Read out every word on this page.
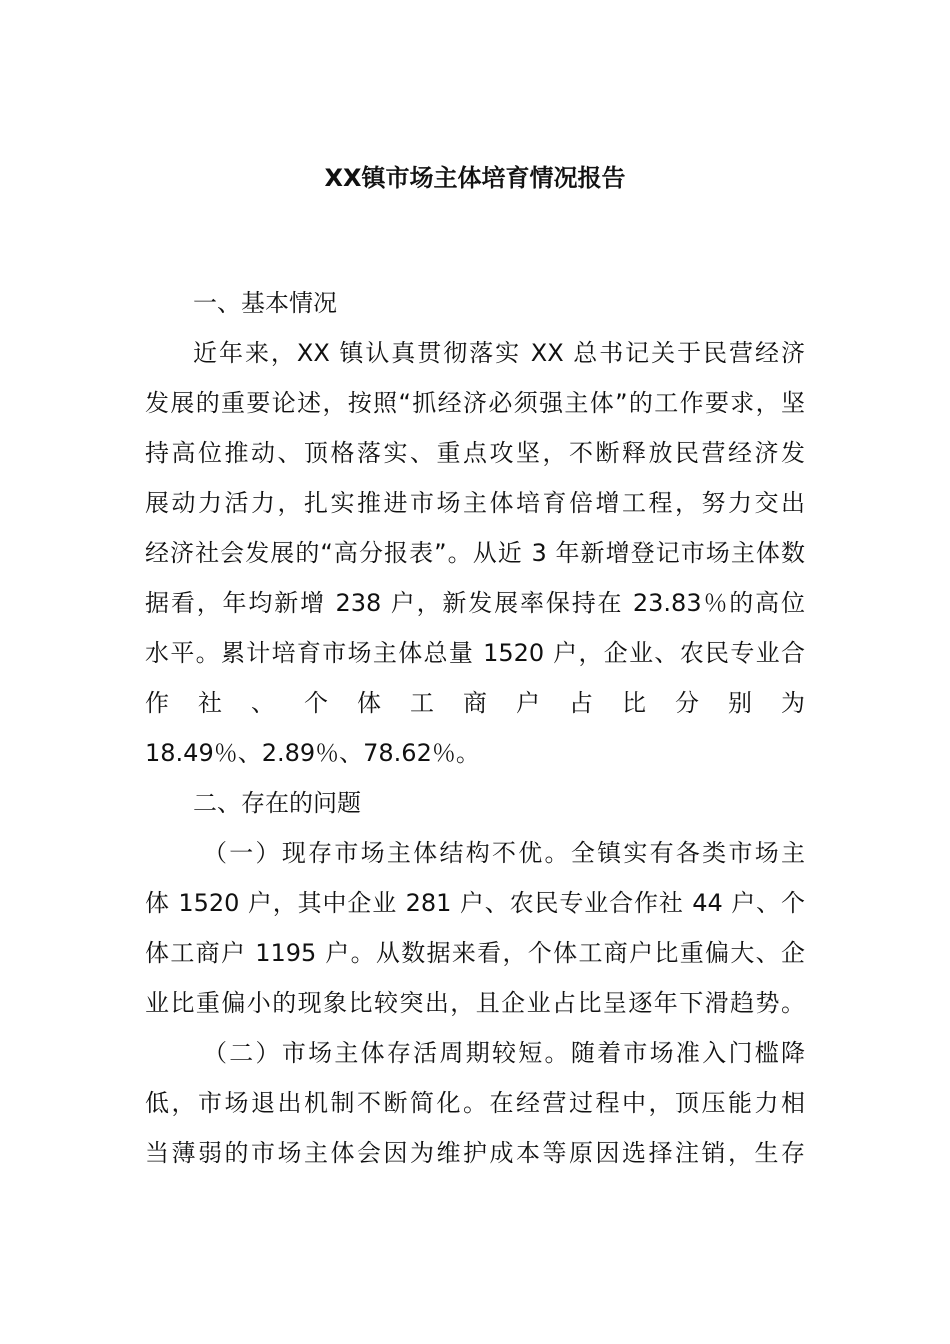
XX镇市场主体培育情况报告

一、基本情况

近年来，XX 镇认真贯彻落实 XX 总书记关于民营经济

发展的重要论述，按照“抓经济必须强主体”的工作要求，坚

持高位推动、顶格落实、重点攻坚，不断释放民营经济发

展动力活力，扎实推进市场主体培育倍增工程，努力交出

经济社会发展的“高分报表”。从近 3 年新增登记市场主体数

据看，年均新增 238 户，新发展率保持在 23.83％的高位

水平。累计培育市场主体总量 1520 户，企业、农民专业合

作社、个体工商户占比分别为

18.49％、2.89％、78.62％。

二、存在的问题

（一）现存市场主体结构不优。全镇实有各类市场主

体 1520 户，其中企业 281 户、农民专业合作社 44 户、个

体工商户 1195 户。从数据来看，个体工商户比重偏大、企

业比重偏小的现象比较突出，且企业占比呈逐年下滑趋势。

（二）市场主体存活周期较短。随着市场准入门槛降

低，市场退出机制不断简化。在经营过程中，顶压能力相

当薄弱的市场主体会因为维护成本等原因选择注销，生存
